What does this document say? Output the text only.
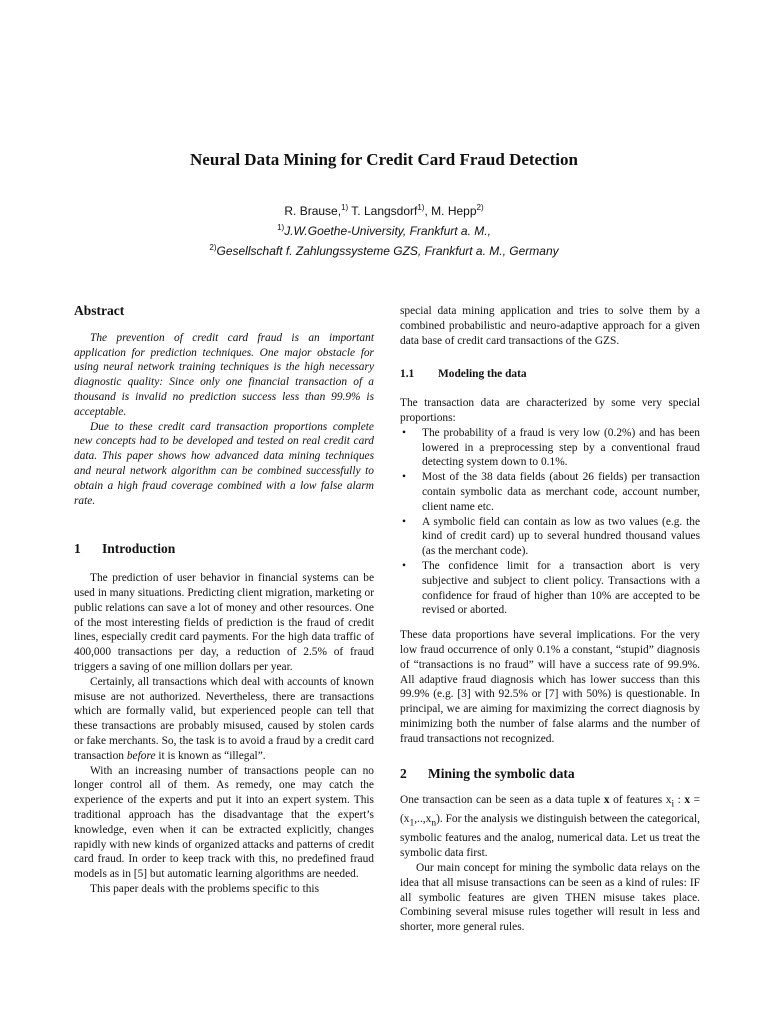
Neural Data Mining for Credit Card Fraud Detection
R. Brause,$^{1)}$ T. Langsdorf$^{1)}$, M. Hepp$^{2)}$
$^{1)}$J.W.Goethe-University, Frankfurt a. M.,
$^{2)}$Gesellschaft f. Zahlungssysteme GZS, Frankfurt a. M., Germany
Abstract

The prevention of credit card fraud is an important application for prediction techniques. One major obstacle for using neural network training techniques is the high necessary diagnostic quality: Since only one financial transaction of a thousand is invalid no prediction success less than 99.9% is acceptable.

Due to these credit card transaction proportions complete new concepts had to be developed and tested on real credit card data. This paper shows how advanced data mining techniques and neural network algorithm can be combined successfully to obtain a high fraud coverage combined with a low false alarm rate.

1	Introduction

The prediction of user behavior in financial systems can be used in many situations. Predicting client migration, marketing or public relations can save a lot of money and other resources. One of the most interesting fields of prediction is the fraud of credit lines, especially credit card payments. For the high data traffic of 400,000 transactions per day, a reduction of 2.5% of fraud triggers a saving of one million dollars per year.

Certainly, all transactions which deal with accounts of known misuse are not authorized. Nevertheless, there are transactions which are formally valid, but experienced people can tell that these transactions are probably misused, caused by stolen cards or fake merchants. So, the task is to avoid a fraud by a credit card transaction before it is known as “illegal”.

With an increasing number of transactions people can no longer control all of them. As remedy, one may catch the experience of the experts and put it into an expert system. This traditional approach has the disadvantage that the expert’s knowledge, even when it can be extracted explicitly, changes rapidly with new kinds of organized attacks and patterns of credit card fraud. In order to keep track with this, no predefined fraud models as in [5] but automatic learning algorithms are needed.

This paper deals with the problems specific to this

special data mining application and tries to solve them by a combined probabilistic and neuro-adaptive approach for a given data base of credit card transactions of the GZS.

1.1	Modeling the data

The transaction data are characterized by some very special proportions:

• The probability of a fraud is very low (0.2%) and has been lowered in a preprocessing step by a conventional fraud detecting system down to 0.1%.
• Most of the 38 data fields (about 26 fields) per transaction contain symbolic data as merchant code, account number, client name etc.
• A symbolic field can contain as low as two values (e.g. the kind of credit card) up to several hundred thousand values (as the merchant code).
• The confidence limit for a transaction abort is very subjective and subject to client policy. Transactions with a confidence for fraud of higher than 10% are accepted to be revised or aborted.

These data proportions have several implications. For the very low fraud occurrence of only 0.1% a constant, “stupid” diagnosis of “transactions is no fraud” will have a success rate of 99.9%. All adaptive fraud diagnosis which has lower success than this 99.9% (e.g. [3] with 92.5% or [7] with 50%) is questionable. In principal, we are aiming for maximizing the correct diagnosis by minimizing both the number of false alarms and the number of fraud transactions not recognized.

2	Mining the symbolic data

One transaction can be seen as a data tuple x of features $x_i$ : $x = (x_1,..,x_n)$. For the analysis we distinguish between the categorical, symbolic features and the analog, numerical data. Let us treat the symbolic data first.

Our main concept for mining the symbolic data relays on the idea that all misuse transactions can be seen as a kind of rules: IF all symbolic features are given THEN misuse takes place. Combining several misuse rules together will result in less and shorter, more general rules.
